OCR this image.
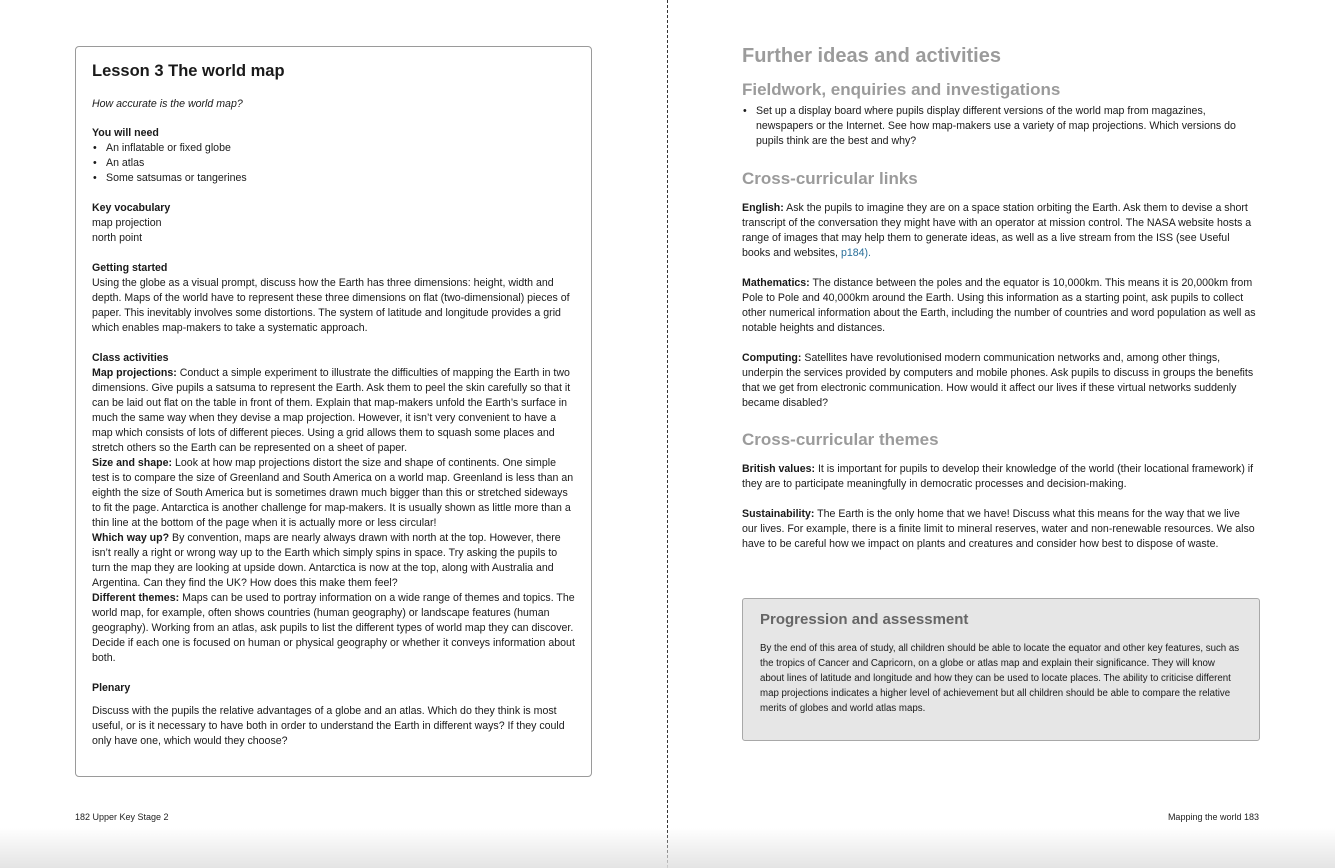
Lesson 3 The world map

How accurate is the world map?

You will need

• An inflatable or fixed globe
• An atlas
• Some satsumas or tangerines

Key vocabulary

map projection

north point

Getting started

Using the globe as a visual prompt, discuss how the Earth has three dimensions: height, width and depth. Maps of the world have to represent these three dimensions on flat (two-dimensional) pieces of paper. This inevitably involves some distortions. The system of latitude and longitude provides a grid which enables map-makers to take a systematic approach.

Class activities

Map projections: Conduct a simple experiment to illustrate the difficulties of mapping the Earth in two dimensions. Give pupils a satsuma to represent the Earth. Ask them to peel the skin carefully so that it can be laid out flat on the table in front of them. Explain that map-makers unfold the Earth’s surface in much the same way when they devise a map projection. However, it isn’t very convenient to have a map which consists of lots of different pieces. Using a grid allows them to squash some places and stretch others so the Earth can be represented on a sheet of paper.

Size and shape: Look at how map projections distort the size and shape of continents. One simple test is to compare the size of Greenland and South America on a world map. Greenland is less than an eighth the size of South America but is sometimes drawn much bigger than this or stretched sideways to fit the page. Antarctica is another challenge for map-makers. It is usually shown as little more than a thin line at the bottom of the page when it is actually more or less circular!

Which way up? By convention, maps are nearly always drawn with north at the top. However, there isn’t really a right or wrong way up to the Earth which simply spins in space. Try asking the pupils to turn the map they are looking at upside down. Antarctica is now at the top, along with Australia and Argentina. Can they find the UK? How does this make them feel?

Different themes: Maps can be used to portray information on a wide range of themes and topics. The world map, for example, often shows countries (human geography) or landscape features (human geography). Working from an atlas, ask pupils to list the different types of world map they can discover. Decide if each one is focused on human or physical geography or whether it conveys information about both.

Plenary

Discuss with the pupils the relative advantages of a globe and an atlas. Which do they think is most useful, or is it necessary to have both in order to understand the Earth in different ways? If they could only have one, which would they choose?

182 Upper Key Stage 2
Further ideas and activities
Fieldwork, enquiries and investigations
• Set up a display board where pupils display different versions of the world map from magazines, newspapers or the Internet. See how map-makers use a variety of map projections. Which versions do pupils think are the best and why?
Cross-curricular links

English: Ask the pupils to imagine they are on a space station orbiting the Earth. Ask them to devise a short transcript of the conversation they might have with an operator at mission control. The NASA website hosts a range of images that may help them to generate ideas, as well as a live stream from the ISS (see Useful books and websites, p184).

Mathematics: The distance between the poles and the equator is 10,000km. This means it is 20,000km from Pole to Pole and 40,000km around the Earth. Using this information as a starting point, ask pupils to collect other numerical information about the Earth, including the number of countries and word population as well as notable heights and distances.

Computing: Satellites have revolutionised modern communication networks and, among other things, underpin the services provided by computers and mobile phones. Ask pupils to discuss in groups the benefits that we get from electronic communication. How would it affect our lives if these virtual networks suddenly became disabled?

Cross-curricular themes

British values: It is important for pupils to develop their knowledge of the world (their locational framework) if they are to participate meaningfully in democratic processes and decision-making.

Sustainability: The Earth is the only home that we have! Discuss what this means for the way that we live our lives. For example, there is a finite limit to mineral reserves, water and non-renewable resources. We also have to be careful how we impact on plants and creatures and consider how best to dispose of waste.

Progression and assessment

By the end of this area of study, all children should be able to locate the equator and other key features, such as the tropics of Cancer and Capricorn, on a globe or atlas map and explain their significance. They will know about lines of latitude and longitude and how they can be used to locate places. The ability to criticise different map projections indicates a higher level of achievement but all children should be able to compare the relative merits of globes and world atlas maps.

Mapping the world 183
